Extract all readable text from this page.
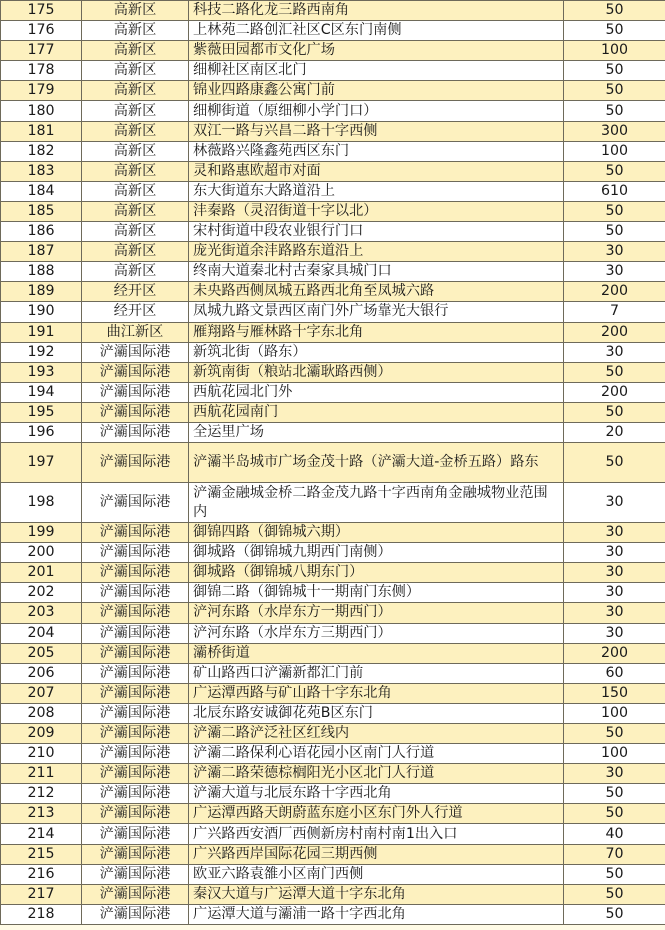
175	高新区	科技二路化龙三路西南角	50
176	高新区	上林苑二路创汇社区C区东门南侧	50
177	高新区	紫薇田园都市文化广场	100
178	高新区	细柳社区南区北门	50
179	高新区	锦业四路康鑫公寓门前	50
180	高新区	细柳街道（原细柳小学门口）	50
181	高新区	双江一路与兴昌二路十字西侧	300
182	高新区	林薇路兴隆鑫苑西区东门	100
183	高新区	灵和路惠欧超市对面	50
184	高新区	东大街道东大路道沿上	610
185	高新区	沣秦路（灵沼街道十字以北）	50
186	高新区	宋村街道中段农业银行门口	50
187	高新区	庞光街道余沣路路东道沿上	30
188	高新区	终南大道秦北村古秦家具城门口	30
189	经开区	未央路西侧凤城五路西北角至凤城六路	200
190	经开区	凤城九路文景西区南门外广场靠光大银行	7
191	曲江新区	雁翔路与雁林路十字东北角	200
192	浐灞国际港	新筑北街（路东）	30
193	浐灞国际港	新筑南街（粮站北灞耿路西侧）	50
194	浐灞国际港	西航花园北门外	200
195	浐灞国际港	西航花园南门	50
196	浐灞国际港	全运里广场	20
197	浐灞国际港	浐灞半岛城市广场金茂十路（浐灞大道-金桥五路）路东	50
198	浐灞国际港	浐灞金融城金桥二路金茂九路十字西南角金融城物业范围内	30
199	浐灞国际港	御锦四路（御锦城六期）	30
200	浐灞国际港	御城路（御锦城九期西门南侧）	30
201	浐灞国际港	御城路（御锦城八期东门）	30
202	浐灞国际港	御锦二路（御锦城十一期南门东侧）	30
203	浐灞国际港	浐河东路（水岸东方一期西门）	30
204	浐灞国际港	浐河东路（水岸东方三期西门）	30
205	浐灞国际港	灞桥街道	200
206	浐灞国际港	矿山路西口浐灞新都汇门前	60
207	浐灞国际港	广运潭西路与矿山路十字东北角	150
208	浐灞国际港	北辰东路安诚御花苑B区东门	100
209	浐灞国际港	浐灞二路浐泛社区红线内	50
210	浐灞国际港	浐灞二路保利心语花园小区南门人行道	100
211	浐灞国际港	浐灞二路荣德棕榈阳光小区北门人行道	30
212	浐灞国际港	浐灞大道与北辰东路十字西北角	50
213	浐灞国际港	广运潭西路天朗蔚蓝东庭小区东门外人行道	50
214	浐灞国际港	广兴路西安酒厂西侧新房村南村南1出入口	40
215	浐灞国际港	广兴路西岸国际花园三期西侧	70
216	浐灞国际港	欧亚六路袁雒小区南门西侧	50
217	浐灞国际港	秦汉大道与广运潭大道十字东北角	50
218	浐灞国际港	广运潭大道与灞浦一路十字西北角	50
